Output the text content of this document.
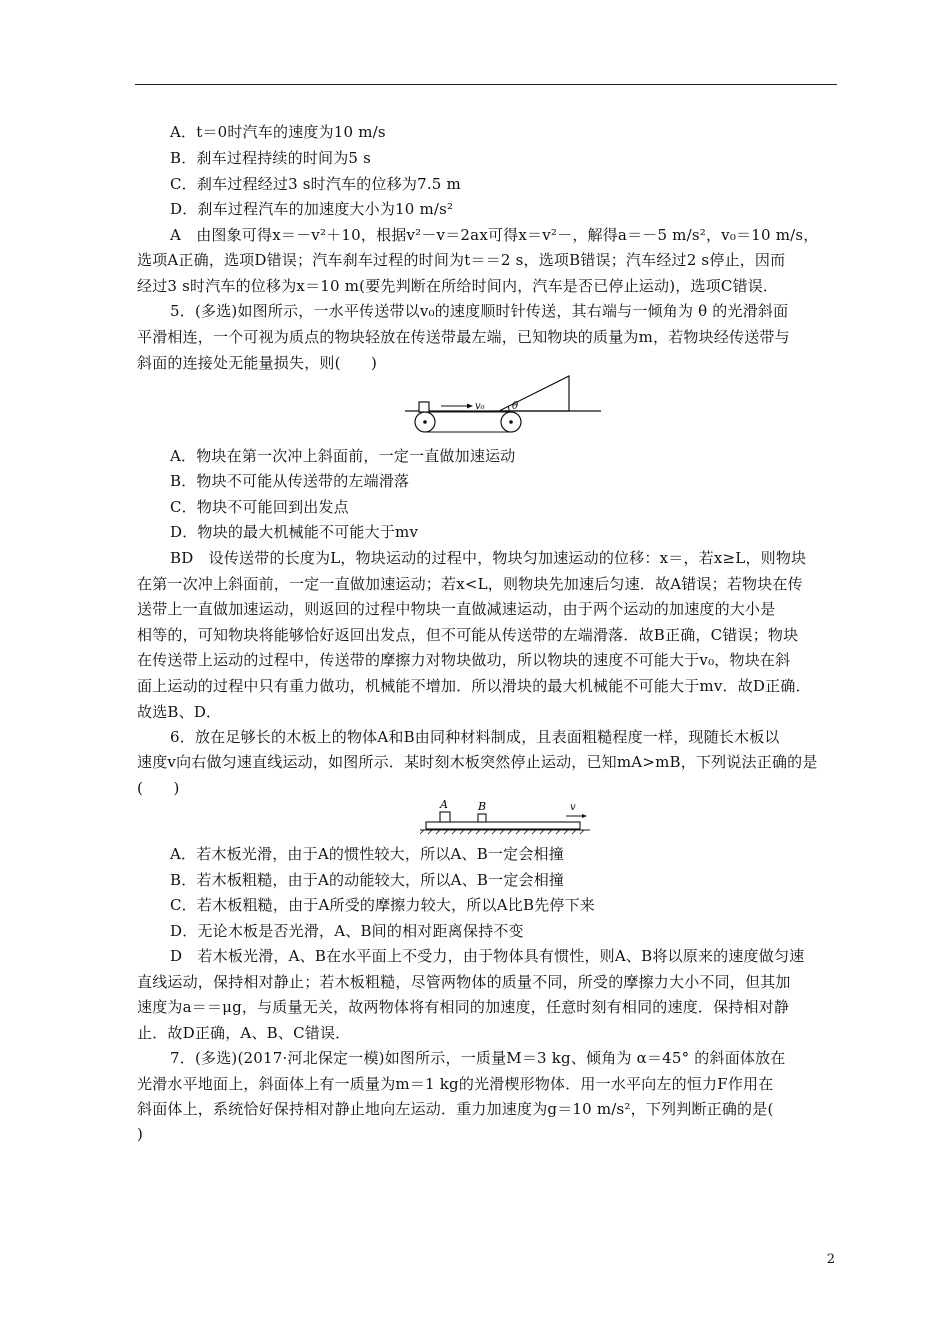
A．t＝0时汽车的速度为10 m/s
B．刹车过程持续的时间为5 s
C．刹车过程经过3 s时汽车的位移为7.5 m
D．刹车过程汽车的加速度大小为10 m/s²
A　由图象可得x＝－v²＋10，根据v²－v＝2ax可得x＝v²－，解得a＝－5 m/s²，v₀＝10 m/s，
选项A正确，选项D错误；汽车刹车过程的时间为t＝＝2 s，选项B错误；汽车经过2 s停止，因而
经过3 s时汽车的位移为x＝10 m(要先判断在所给时间内，汽车是否已停止运动)，选项C错误．
5．(多选)如图所示，一水平传送带以v₀的速度顺时针传送，其右端与一倾角为 θ 的光滑斜面
平滑相连，一个可视为质点的物块轻放在传送带最左端，已知物块的质量为m，若物块经传送带与
斜面的连接处无能量损失，则(　　)
θ
v₀
A．物块在第一次冲上斜面前，一定一直做加速运动
B．物块不可能从传送带的左端滑落
C．物块不可能回到出发点
D．物块的最大机械能不可能大于mv
BD　设传送带的长度为L，物块运动的过程中，物块匀加速运动的位移：x＝，若x≥L，则物块
在第一次冲上斜面前，一定一直做加速运动；若x<L，则物块先加速后匀速．故A错误；若物块在传
送带上一直做加速运动，则返回的过程中物块一直做减速运动，由于两个运动的加速度的大小是
相等的，可知物块将能够恰好返回出发点，但不可能从传送带的左端滑落．故B正确，C错误；物块
在传送带上运动的过程中，传送带的摩擦力对物块做功，所以物块的速度不可能大于v₀，物块在斜
面上运动的过程中只有重力做功，机械能不增加．所以滑块的最大机械能不可能大于mv．故D正确．
故选B、D．
6．放在足够长的木板上的物体A和B由同种材料制成，且表面粗糙程度一样，现随长木板以
速度v向右做匀速直线运动，如图所示．某时刻木板突然停止运动，已知mA>mB，下列说法正确的是
(　　)
A	B	v
A．若木板光滑，由于A的惯性较大，所以A、B一定会相撞
B．若木板粗糙，由于A的动能较大，所以A、B一定会相撞
C．若木板粗糙，由于A所受的摩擦力较大，所以A比B先停下来
D．无论木板是否光滑，A、B间的相对距离保持不变
D　若木板光滑，A、B在水平面上不受力，由于物体具有惯性，则A、B将以原来的速度做匀速
直线运动，保持相对静止；若木板粗糙，尽管两物体的质量不同，所受的摩擦力大小不同，但其加
速度为a＝＝μg，与质量无关，故两物体将有相同的加速度，任意时刻有相同的速度．保持相对静
止．故D正确，A、B、C错误．
7．(多选)(2017·河北保定一模)如图所示，一质量M＝3 kg、倾角为 α＝45° 的斜面体放在
光滑水平地面上，斜面体上有一质量为m＝1 kg的光滑楔形物体．用一水平向左的恒力F作用在
斜面体上，系统恰好保持相对静止地向左运动．重力加速度为g＝10 m/s²，下列判断正确的是(
)
2
